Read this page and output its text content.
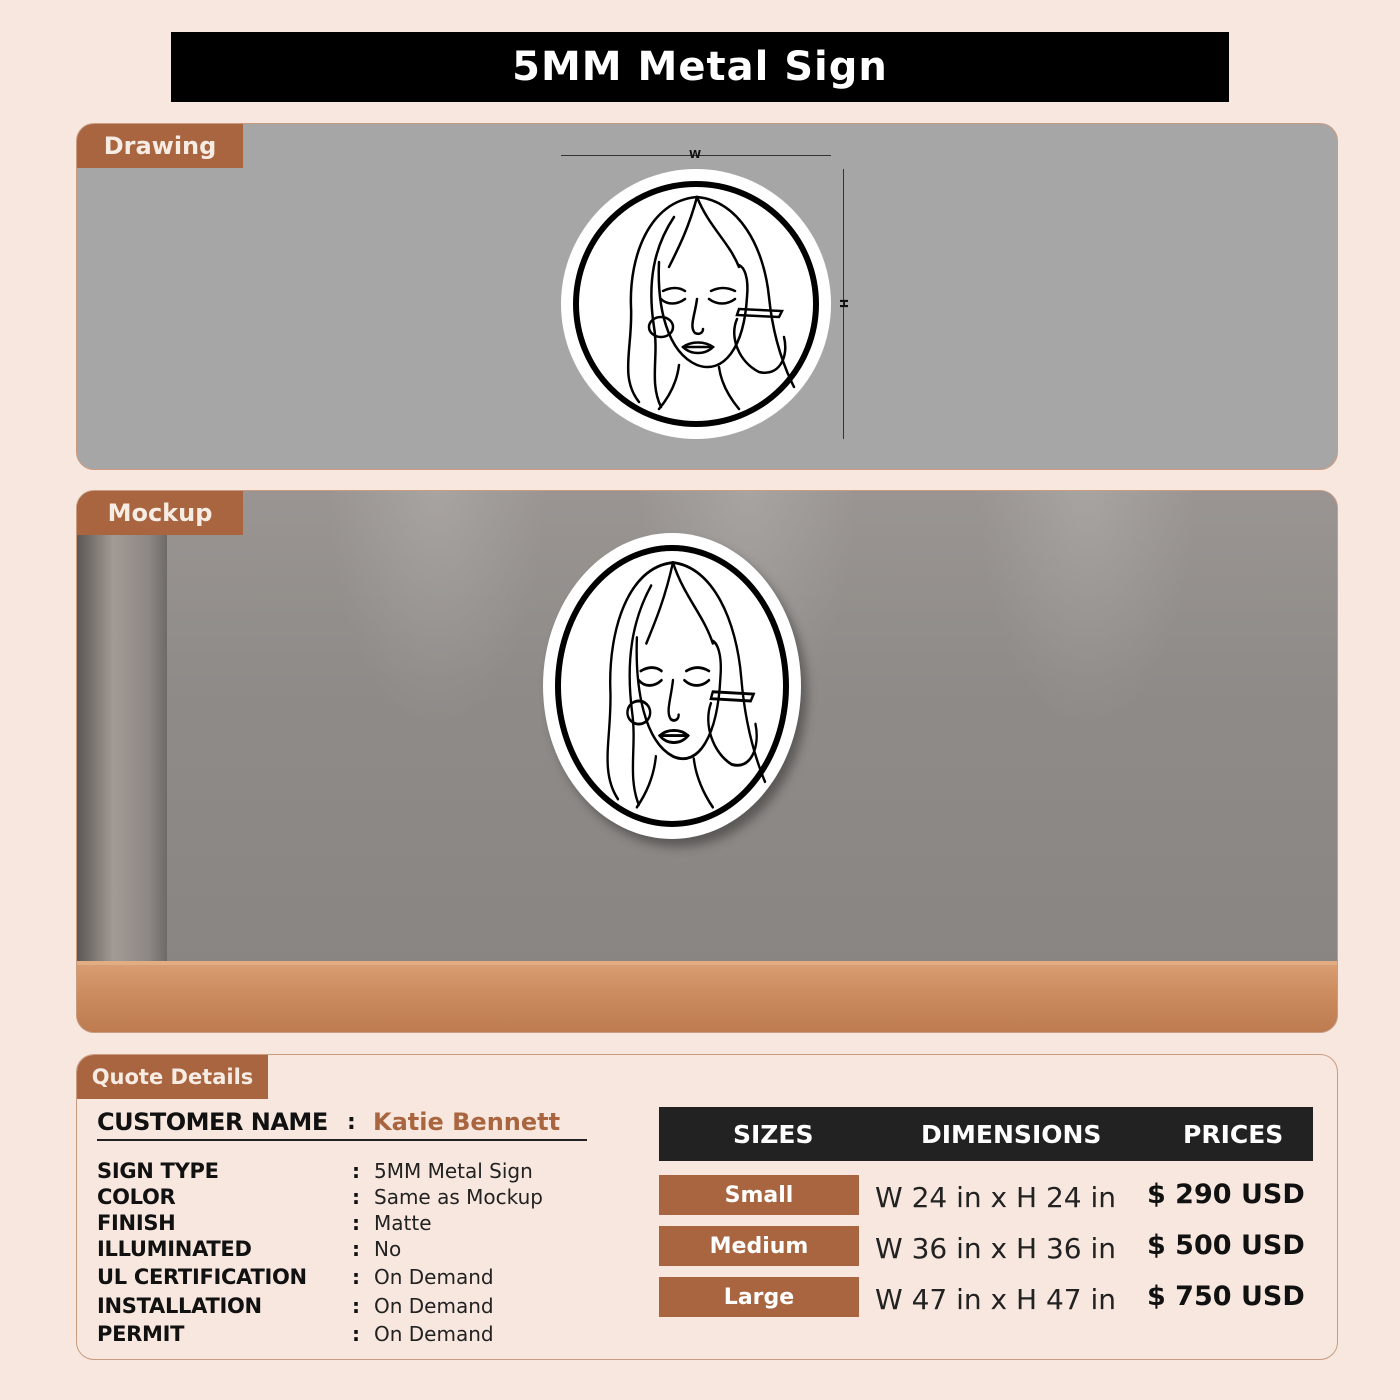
5MM Metal Sign
Drawing	W
H
Mockup
Quote Details
CUSTOMER NAME : Katie Bennett
SIGN TYPE	: 5MM Metal Sign
COLOR	: Same as Mockup
FINISH	: Matte
ILLUMINATED	: No
UL CERTIFICATION	: On Demand
INSTALLATION	: On Demand
PERMIT	: On Demand
SIZES	DIMENSIONS	PRICES
Small	W 24 in x H 24 in $ 290 USD
Medium	W 36 in x H 36 in $ 500 USD
Large	W 47 in x H 47 in $ 750 USD
